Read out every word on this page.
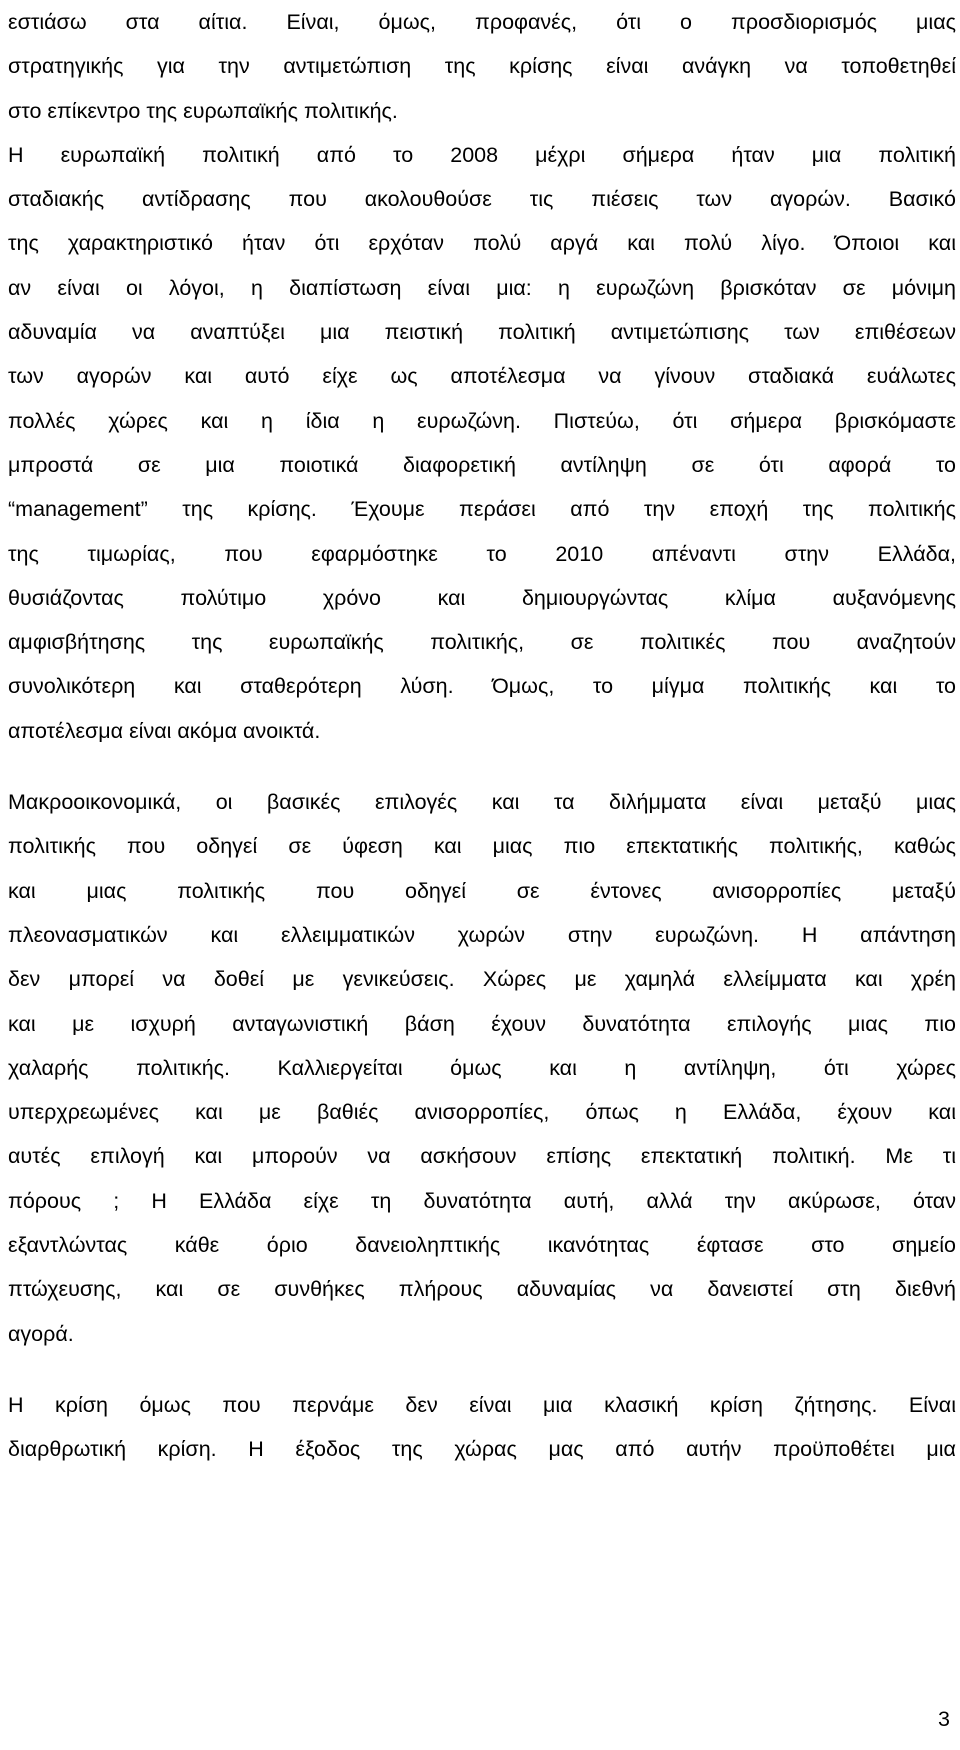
εστιάσω στα αίτια. Είναι, όμως, προφανές, ότι ο προσδιορισμός μιας
στρατηγικής για την αντιμετώπιση της κρίσης είναι ανάγκη να τοποθετηθεί
στο επίκεντρο της ευρωπαϊκής πολιτικής.
Η ευρωπαϊκή πολιτική από το 2008 μέχρι σήμερα ήταν μια πολιτική
σταδιακής αντίδρασης που ακολουθούσε τις πιέσεις των αγορών. Βασικό
της χαρακτηριστικό ήταν ότι ερχόταν πολύ αργά και πολύ λίγο. Όποιοι και
αν είναι οι λόγοι, η διαπίστωση είναι μια: η ευρωζώνη βρισκόταν σε μόνιμη
αδυναμία να αναπτύξει μια πειστική πολιτική αντιμετώπισης των επιθέσεων
των αγορών και αυτό είχε ως αποτέλεσμα να γίνουν σταδιακά ευάλωτες
πολλές χώρες και η ίδια η ευρωζώνη. Πιστεύω, ότι σήμερα βρισκόμαστε
μπροστά σε μια ποιοτικά διαφορετική αντίληψη σε ότι αφορά το
“management” της κρίσης. Έχουμε περάσει από την εποχή της πολιτικής
της τιμωρίας, που εφαρμόστηκε το 2010 απέναντι στην Ελλάδα,
θυσιάζοντας πολύτιμο χρόνο και δημιουργώντας κλίμα αυξανόμενης
αμφισβήτησης της ευρωπαϊκής πολιτικής, σε πολιτικές που αναζητούν
συνολικότερη και σταθερότερη λύση. Όμως, το μίγμα πολιτικής και το
αποτέλεσμα είναι ακόμα ανοικτά.
Μακροοικονομικά, οι βασικές επιλογές και τα διλήμματα είναι μεταξύ μιας
πολιτικής που οδηγεί σε ύφεση και μιας πιο επεκτατικής πολιτικής, καθώς
και μιας πολιτικής που οδηγεί σε έντονες ανισορροπίες μεταξύ
πλεονασματικών και ελλειμματικών χωρών στην ευρωζώνη. Η απάντηση
δεν μπορεί να δοθεί με γενικεύσεις. Χώρες με χαμηλά ελλείμματα και χρέη
και με ισχυρή ανταγωνιστική βάση έχουν δυνατότητα επιλογής μιας πιο
χαλαρής πολιτικής. Καλλιεργείται όμως και η αντίληψη, ότι χώρες
υπερχρεωμένες και με βαθιές ανισορροπίες, όπως η Ελλάδα, έχουν και
αυτές επιλογή και μπορούν να ασκήσουν επίσης επεκτατική πολιτική. Με τι
πόρους ; Η Ελλάδα είχε τη δυνατότητα αυτή, αλλά την ακύρωσε, όταν
εξαντλώντας κάθε όριο δανειοληπτικής ικανότητας έφτασε στο σημείο
πτώχευσης, και σε συνθήκες πλήρους αδυναμίας να δανειστεί στη διεθνή
αγορά.
Η κρίση όμως που περνάμε δεν είναι μια κλασική κρίση ζήτησης. Είναι
διαρθρωτική κρίση. Η έξοδος της χώρας μας από αυτήν προϋποθέτει μια
3
